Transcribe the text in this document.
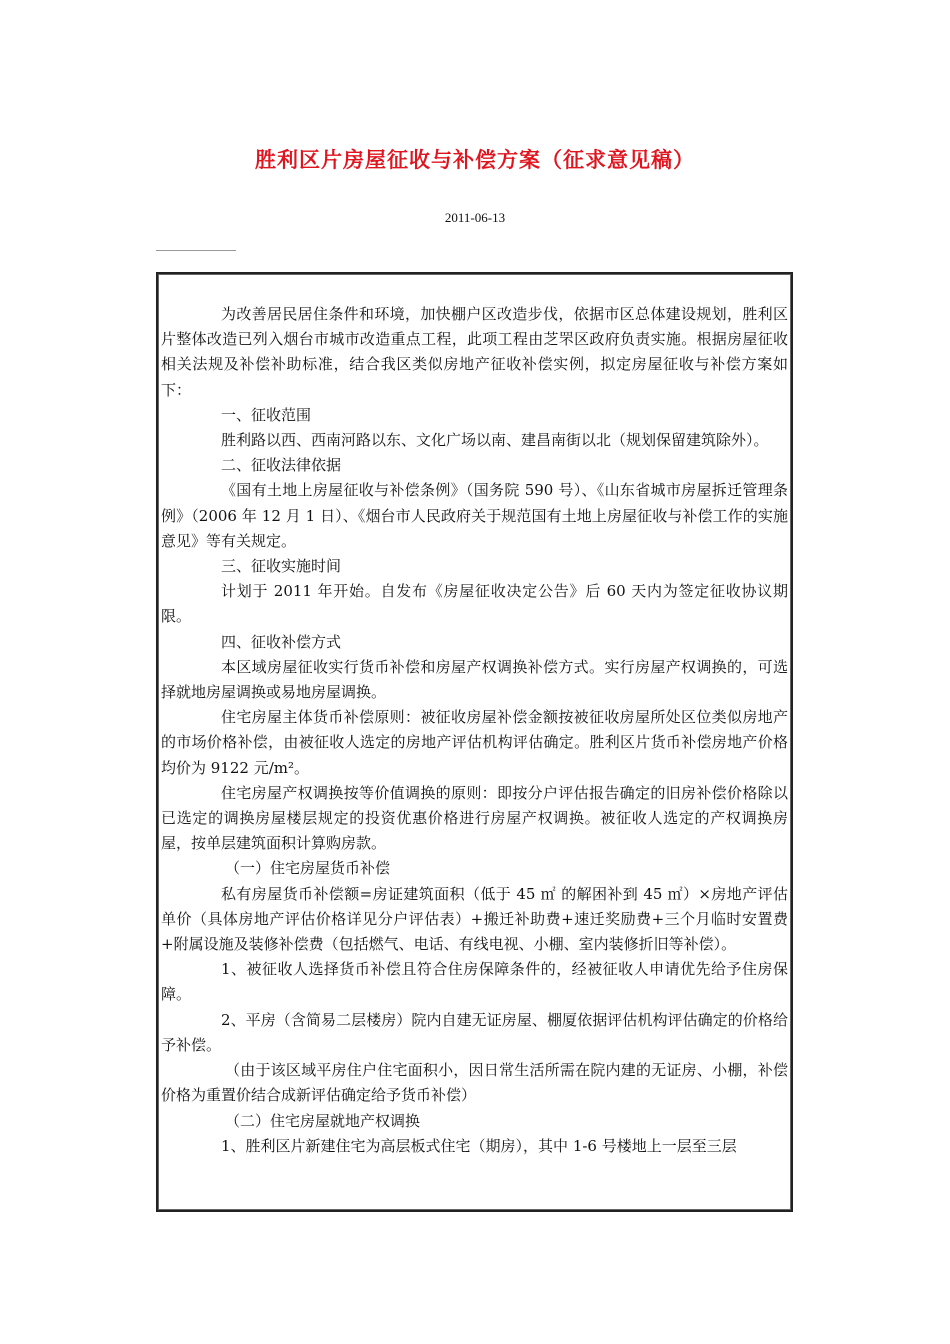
胜利区片房屋征收与补偿方案（征求意见稿）
2011-06-13

为改善居民居住条件和环境，加快棚户区改造步伐，依据市区总体建设规划，胜利区片整体改造已列入烟台市城市改造重点工程，此项工程由芝罘区政府负责实施。根据房屋征收相关法规及补偿补助标准，结合我区类似房地产征收补偿实例，拟定房屋征收与补偿方案如下：

一、征收范围

胜利路以西、西南河路以东、文化广场以南、建昌南街以北（规划保留建筑除外）。

二、征收法律依据

《国有土地上房屋征收与补偿条例》（国务院 590 号）、《山东省城市房屋拆迁管理条例》（2006 年 12 月 1 日）、《烟台市人民政府关于规范国有土地上房屋征收与补偿工作的实施意见》等有关规定。

三、征收实施时间

计划于 2011 年开始。自发布《房屋征收决定公告》后 60 天内为签定征收协议期限。

四、征收补偿方式

本区域房屋征收实行货币补偿和房屋产权调换补偿方式。实行房屋产权调换的，可选择就地房屋调换或易地房屋调换。

住宅房屋主体货币补偿原则：被征收房屋补偿金额按被征收房屋所处区位类似房地产的市场价格补偿，由被征收人选定的房地产评估机构评估确定。胜利区片货币补偿房地产价格均价为 9122 元/m²。

住宅房屋产权调换按等价值调换的原则：即按分户评估报告确定的旧房补偿价格除以已选定的调换房屋楼层规定的投资优惠价格进行房屋产权调换。被征收人选定的产权调换房屋，按单层建筑面积计算购房款。

（一）住宅房屋货币补偿

私有房屋货币补偿额=房证建筑面积（低于 45 ㎡ 的解困补到 45 ㎡）×房地产评估单价（具体房地产评估价格详见分户评估表）+搬迁补助费+速迁奖励费+三个月临时安置费+附属设施及装修补偿费（包括燃气、电话、有线电视、小棚、室内装修折旧等补偿）。

1、被征收人选择货币补偿且符合住房保障条件的，经被征收人申请优先给予住房保障。

2、平房（含简易二层楼房）院内自建无证房屋、棚厦依据评估机构评估确定的价格给予补偿。

（由于该区域平房住户住宅面积小，因日常生活所需在院内建的无证房、小棚，补偿价格为重置价结合成新评估确定给予货币补偿）

（二）住宅房屋就地产权调换

1、胜利区片新建住宅为高层板式住宅（期房），其中 1-6 号楼地上一层至三层
